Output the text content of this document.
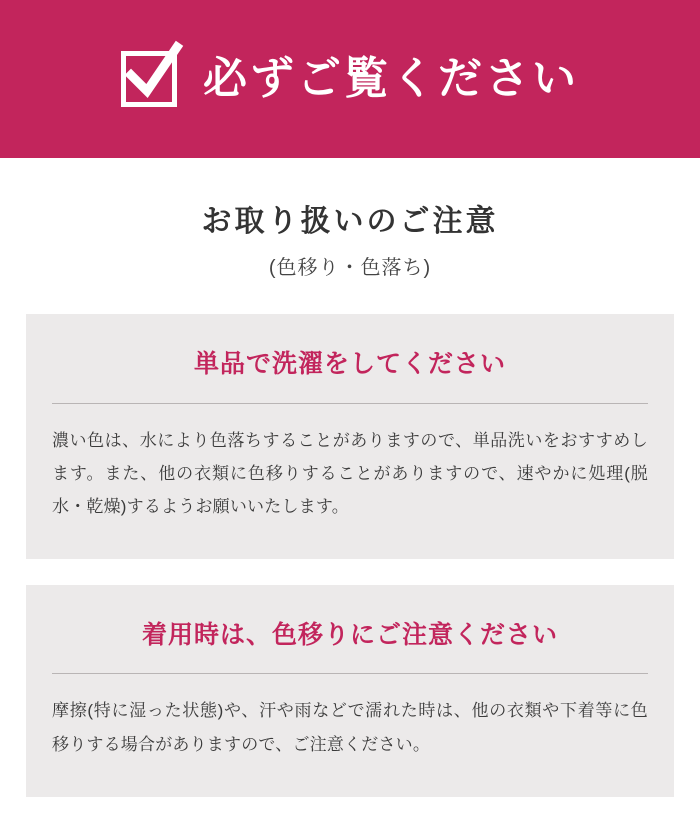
必ずご覧ください
お取り扱いのご注意
(色移り・色落ち)
単品で洗濯をしてください
濃い色は、水により色落ちすることがありますので、単品洗いをおすすめします。また、他の衣類に色移りすることがありますので、速やかに処理(脱水・乾燥)するようお願いいたします。
着用時は、色移りにご注意ください
摩擦(特に湿った状態)や、汗や雨などで濡れた時は、他の衣類や下着等に色移りする場合がありますので、ご注意ください。
